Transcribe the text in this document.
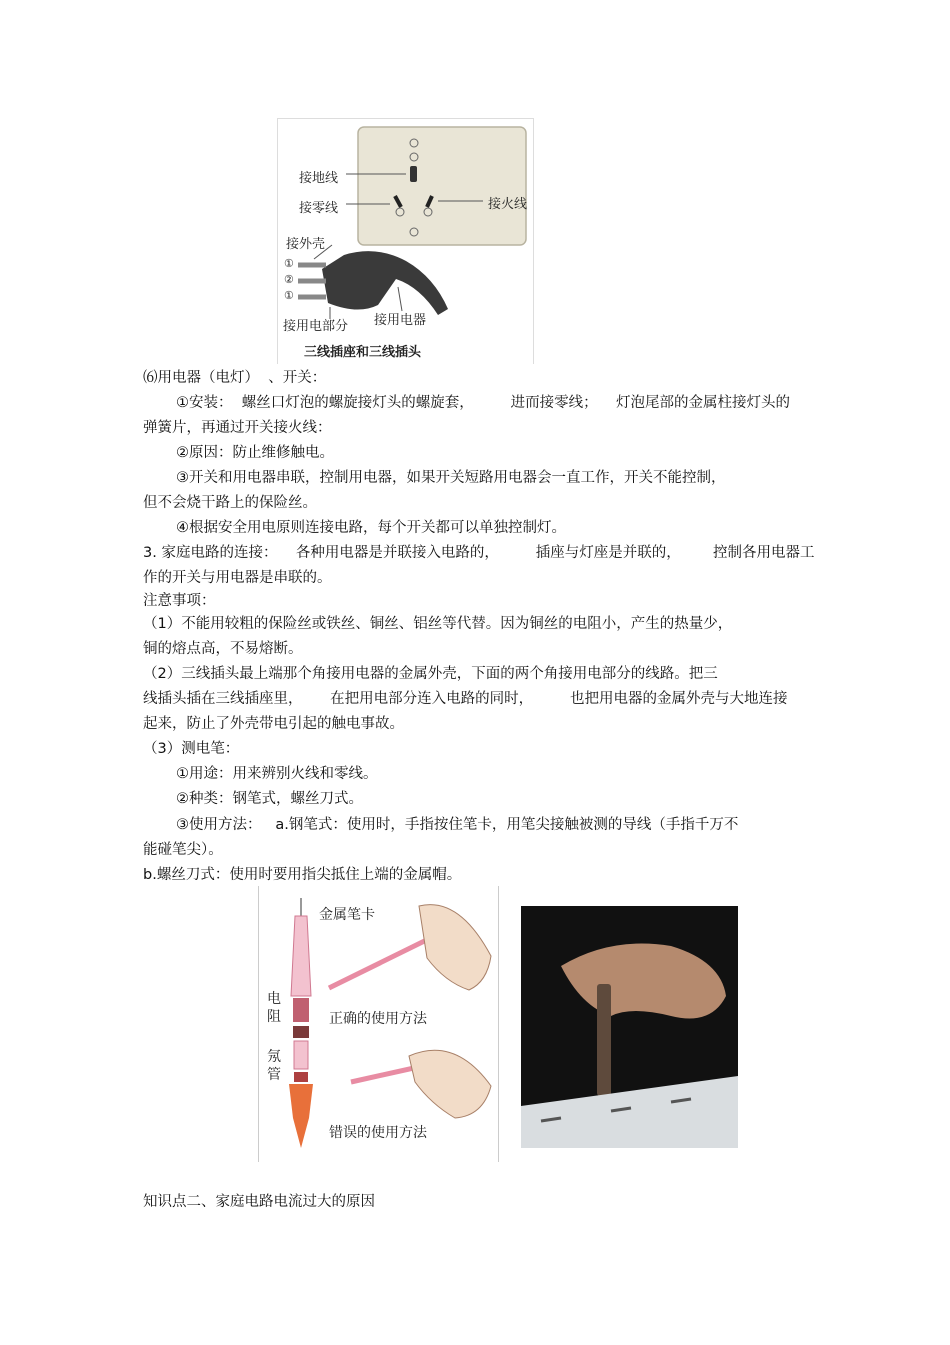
接地线
接零线	接火线
接外壳
①
②
①
接用电部分 接用电器
三线插座和三线插头
⑹用电器（电灯）  、开关：
①安装：  螺丝口灯泡的螺旋接灯头的螺旋套，        进而接零线；    灯泡尾部的金属柱接灯头的
弹簧片，再通过开关接火线：
②原因：防止维修触电。
③开关和用电器串联，控制用电器，如果开关短路用电器会一直工作，开关不能控制，
但不会烧干路上的保险丝。
④根据安全用电原则连接电路，每个开关都可以单独控制灯。
3. 家庭电路的连接：    各种用电器是并联接入电路的，        插座与灯座是并联的，       控制各用电器工
作的开关与用电器是串联的。
注意事项：
（1）不能用较粗的保险丝或铁丝、铜丝、铝丝等代替。因为铜丝的电阻小，产生的热量少，
铜的熔点高，不易熔断。
（2）三线插头最上端那个角接用电器的金属外壳，下面的两个角接用电部分的线路。把三
线插头插在三线插座里，      在把用电部分连入电路的同时，        也把用电器的金属外壳与大地连接
起来，防止了外壳带电引起的触电事故。
（3）测电笔：
①用途：用来辨别火线和零线。
②种类：钢笔式，螺丝刀式。
③使用方法：   a.钢笔式：使用时，手指按住笔卡，用笔尖接触被测的导线（手指千万不
能碰笔尖）。
b.螺丝刀式：使用时要用指尖抵住上端的金属帽。
金属笔卡
电
阻
氖
管
正确的使用方法
错误的使用方法
知识点二、家庭电路电流过大的原因
